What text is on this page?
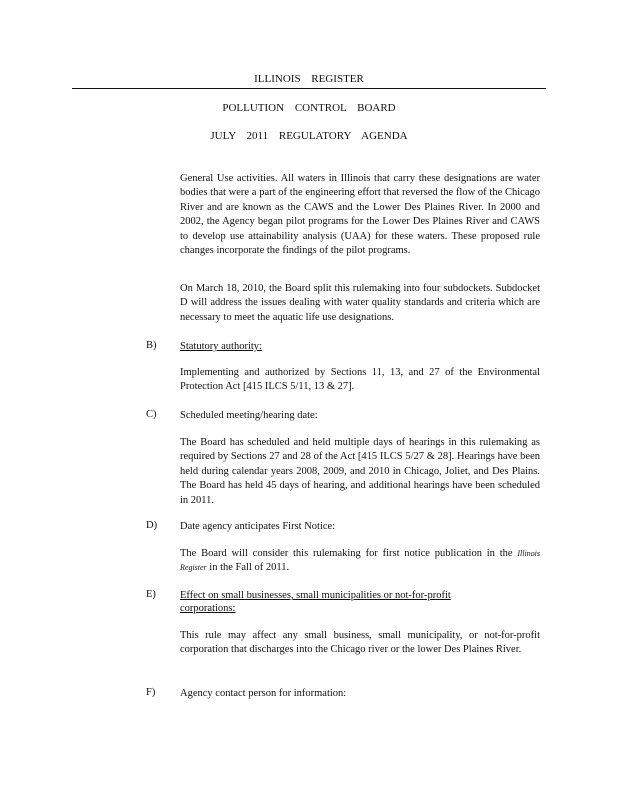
ILLINOIS REGISTER
POLLUTION CONTROL BOARD
JULY 2011 REGULATORY AGENDA

General Use activities. All waters in Illinois that carry these designations are water bodies that were a part of the engineering effort that reversed the flow of the Chicago River and are known as the CAWS and the Lower Des Plaines River. In 2000 and 2002, the Agency began pilot programs for the Lower Des Plaines River and CAWS to develop use attainability analysis (UAA) for these waters. These proposed rule changes incorporate the findings of the pilot programs.

On March 18, 2010, the Board split this rulemaking into four subdockets. Subdocket D will address the issues dealing with water quality standards and criteria which are necessary to meet the aquatic life use designations.

B) Statutory authority:

Implementing and authorized by Sections 11, 13, and 27 of the Environmental Protection Act [415 ILCS 5/11, 13 & 27].

C) Scheduled meeting/hearing date:

The Board has scheduled and held multiple days of hearings in this rulemaking as required by Sections 27 and 28 of the Act [415 ILCS 5/27 & 28]. Hearings have been held during calendar years 2008, 2009, and 2010 in Chicago, Joliet, and Des Plains. The Board has held 45 days of hearing, and additional hearings have been scheduled in 2011.

D) Date agency anticipates First Notice:

The Board will consider this rulemaking for first notice publication in the Illinois Register in the Fall of 2011.

E) Effect on small businesses, small municipalities or not-for-profit
corporations:

This rule may affect any small business, small municipality, or not-for-profit corporation that discharges into the Chicago river or the lower Des Plaines River.

F) Agency contact person for information:
